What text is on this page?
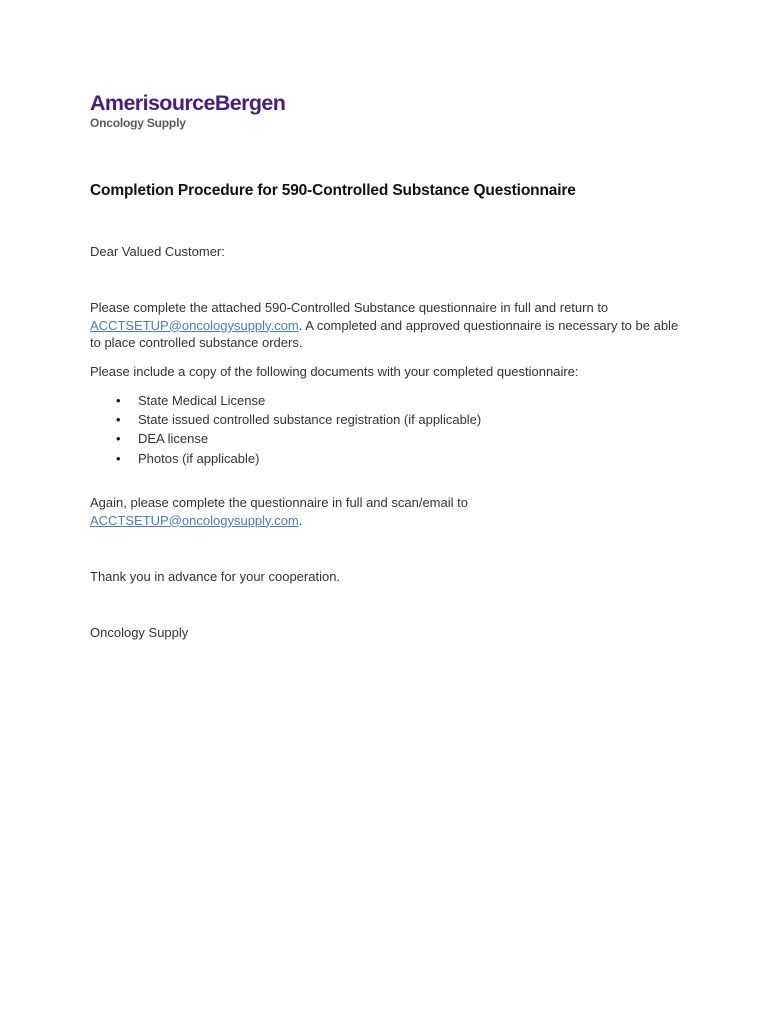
AmerisourceBergen
Oncology Supply
Completion Procedure for 590-Controlled Substance Questionnaire

Dear Valued Customer:

Please complete the attached 590-Controlled Substance questionnaire in full and return to ACCTSETUP@oncologysupply.com. A completed and approved questionnaire is necessary to be able to place controlled substance orders.

Please include a copy of the following documents with your completed questionnaire:

• State Medical License
• State issued controlled substance registration (if applicable)
• DEA license
• Photos (if applicable)

Again, please complete the questionnaire in full and scan/email to
ACCTSETUP@oncologysupply.com.

Thank you in advance for your cooperation.

Oncology Supply
